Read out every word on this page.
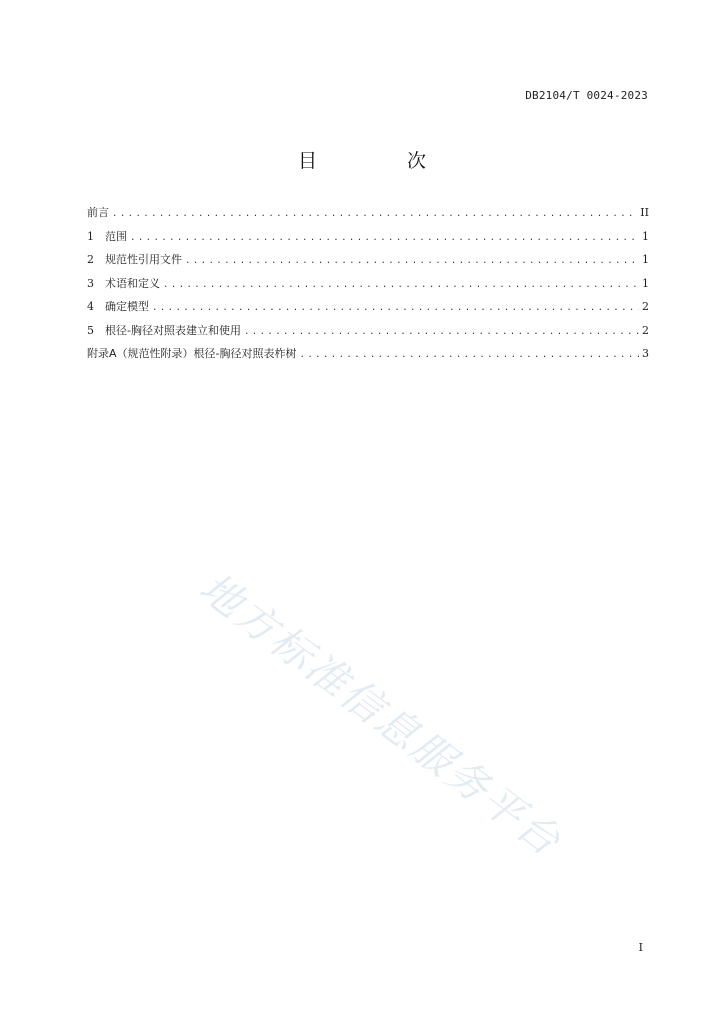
DB2104/T 0024-2023
目 次
前言 .....	II
1	范围 .....	1
2	规范性引用文件 .....	1
3	术语和定义 .....	1
4	确定模型 .....	2
5	根径-胸径对照表建立和使用 .....	2
附录A（规范性附录）根径-胸径对照表柞树 .....	3
地方标准信息服务平台
I
